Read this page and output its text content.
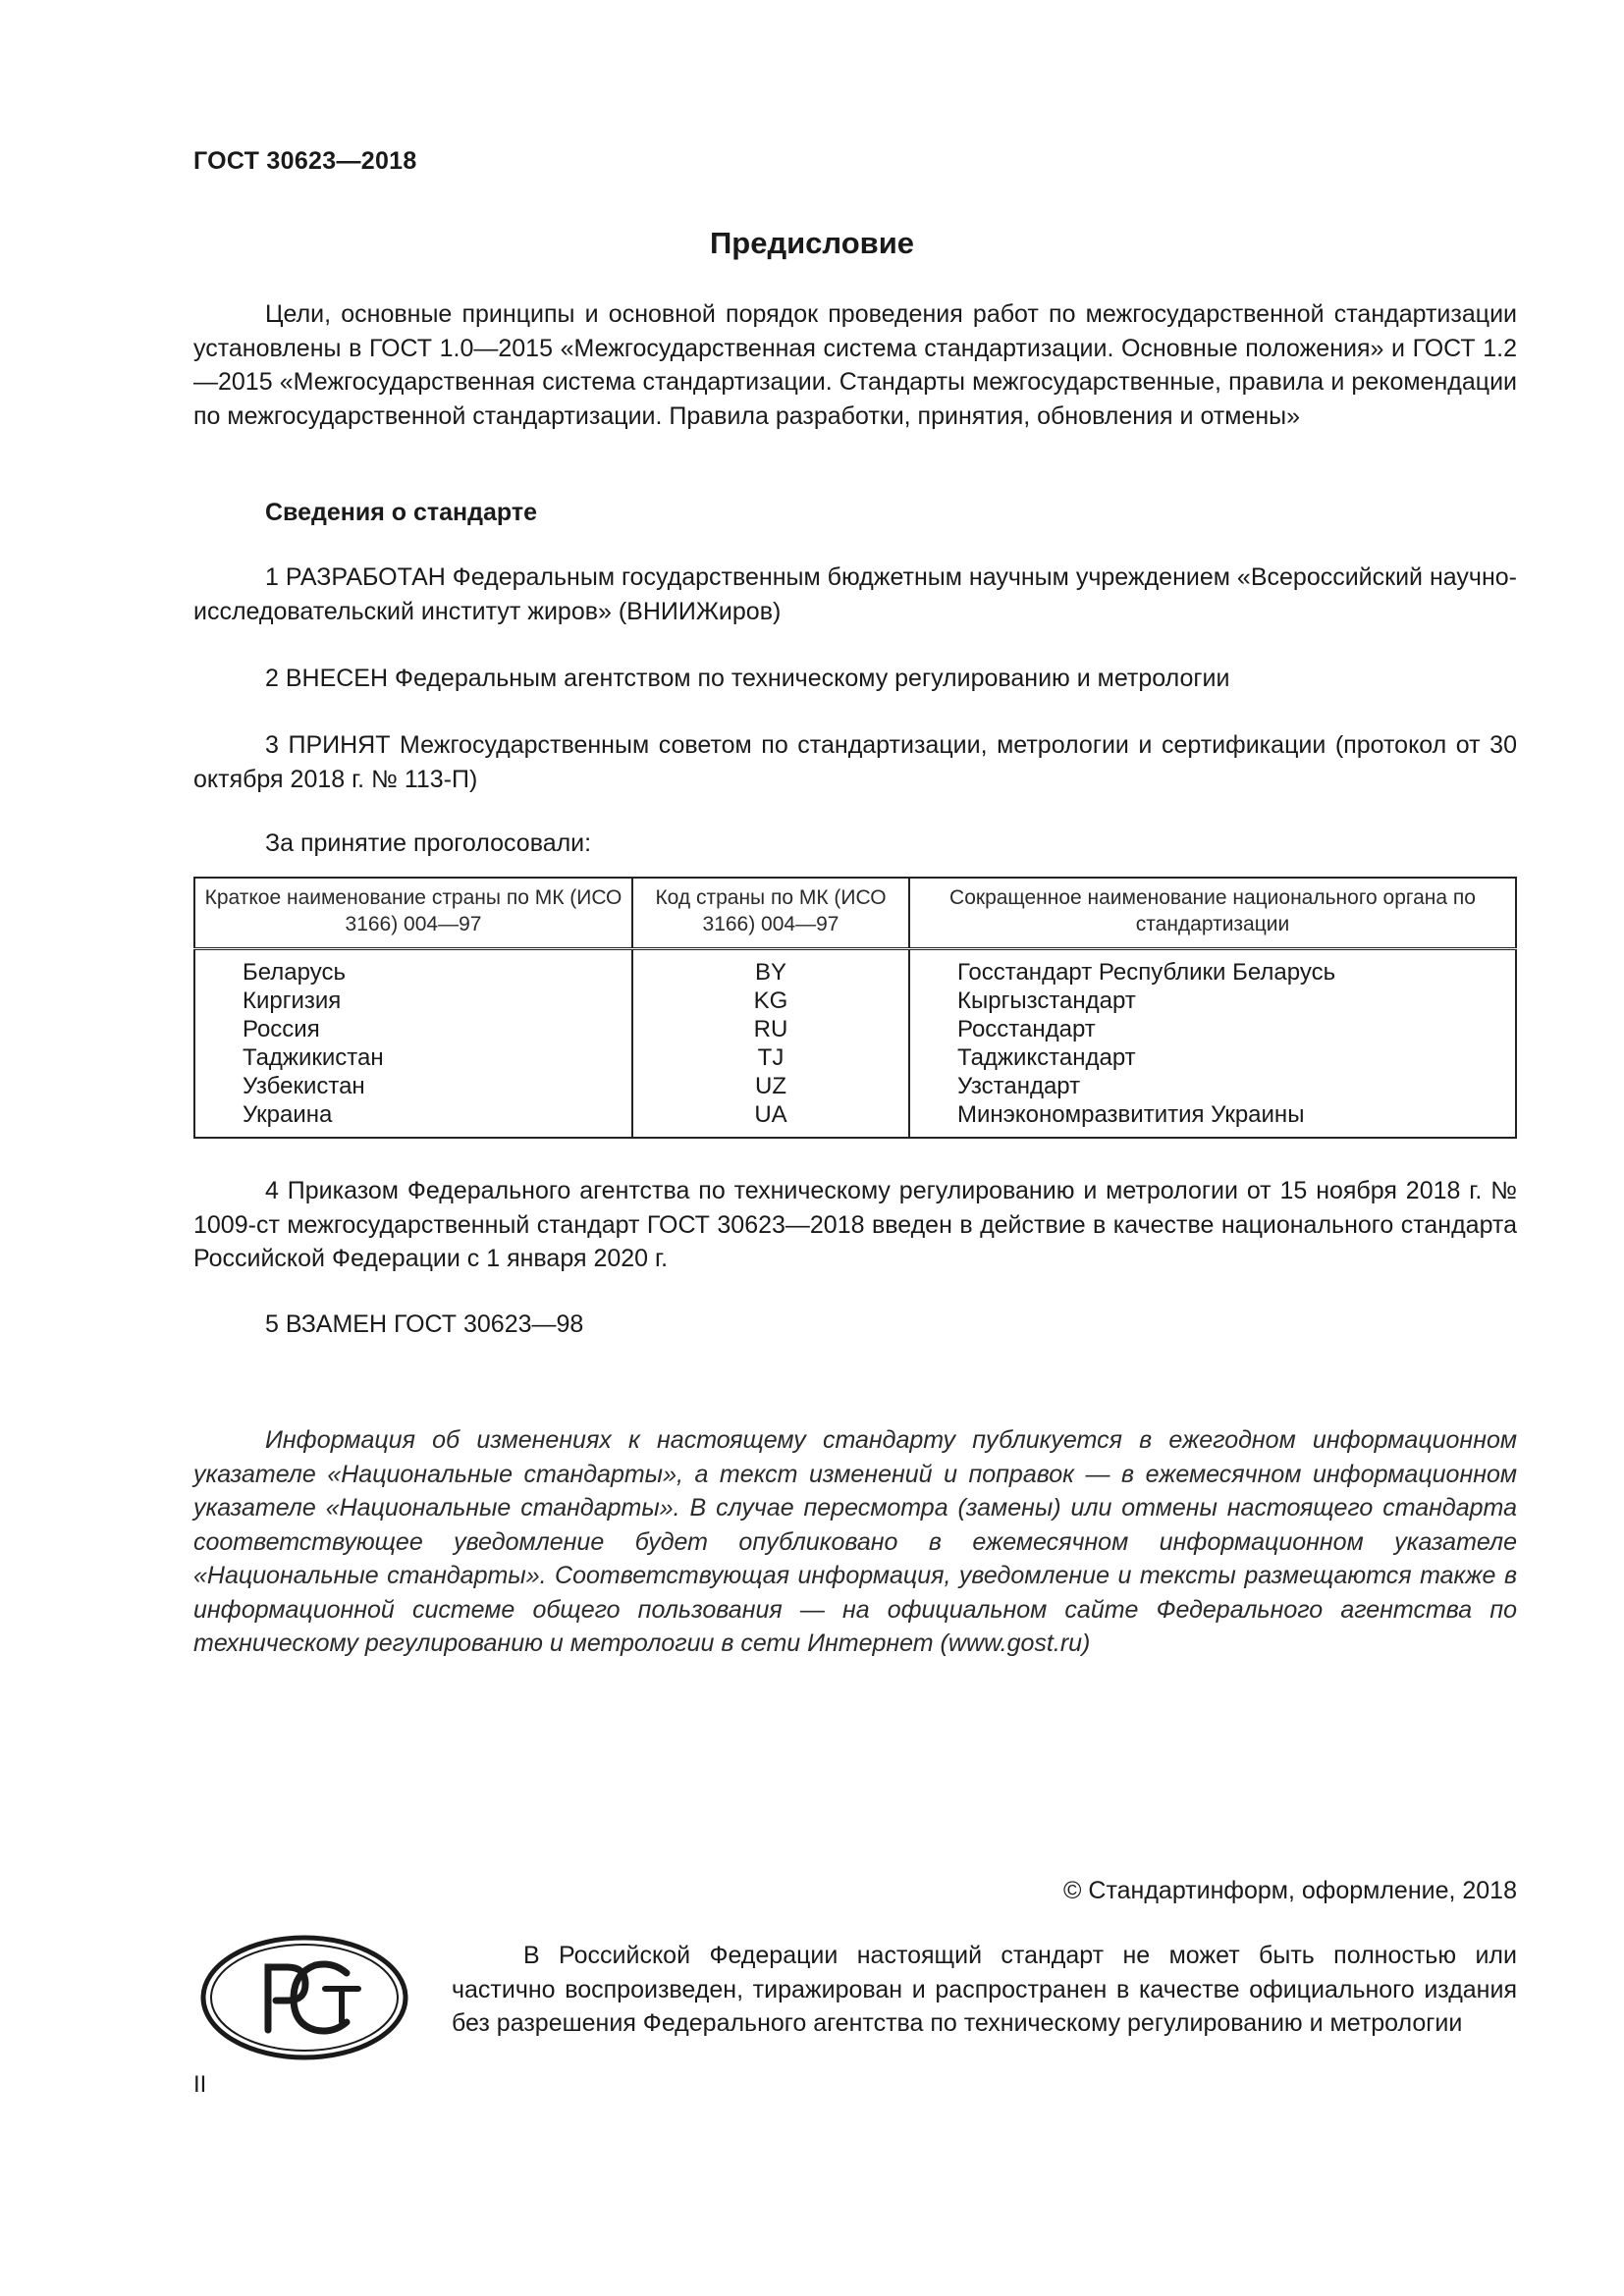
ГОСТ 30623—2018
Предисловие
Цели, основные принципы и основной порядок проведения работ по межгосударственной стандартизации установлены в ГОСТ 1.0—2015 «Межгосударственная система стандартизации. Основные положения» и ГОСТ 1.2—2015 «Межгосударственная система стандартизации. Стандарты межгосударственные, правила и рекомендации по межгосударственной стандартизации. Правила разработки, принятия, обновления и отмены»
Сведения о стандарте
1 РАЗРАБОТАН Федеральным государственным бюджетным научным учреждением «Всероссийский научно-исследовательский институт жиров» (ВНИИЖиров)
2 ВНЕСЕН Федеральным агентством по техническому регулированию и метрологии
3 ПРИНЯТ Межгосударственным советом по стандартизации, метрологии и сертификации (протокол от 30 октября 2018 г. № 113-П)
За принятие проголосовали:
Краткое наименование страны по МК (ИСО 3166) 004—97	Код страны по МК (ИСО 3166) 004—97	Сокращенное наименование национального органа по стандартизации
Беларусь	BY	Госстандарт Республики Беларусь
Киргизия	KG	Кыргызстандарт
Россия	RU	Росстандарт
Таджикистан	TJ	Таджикстандарт
Узбекистан	UZ	Узстандарт
Украина	UA	Минэкономразвитития Украины
4 Приказом Федерального агентства по техническому регулированию и метрологии от 15 ноября 2018 г. № 1009-ст межгосударственный стандарт ГОСТ 30623—2018 введен в действие в качестве национального стандарта Российской Федерации с 1 января 2020 г.
5 ВЗАМЕН ГОСТ 30623—98
Информация об изменениях к настоящему стандарту публикуется в ежегодном информационном указателе «Национальные стандарты», а текст изменений и поправок — в ежемесячном информационном указателе «Национальные стандарты». В случае пересмотра (замены) или отмены настоящего стандарта соответствующее уведомление будет опубликовано в ежемесячном информационном указателе «Национальные стандарты». Соответствующая информация, уведомление и тексты размещаются также в информационной системе общего пользования — на официальном сайте Федерального агентства по техническому регулированию и метрологии в сети Интернет (www.gost.ru)
© Стандартинформ, оформление, 2018
В Российской Федерации настоящий стандарт не может быть полностью или частично воспроизведен, тиражирован и распространен в качестве официального издания без разрешения Федерального агентства по техническому регулированию и метрологии
II
